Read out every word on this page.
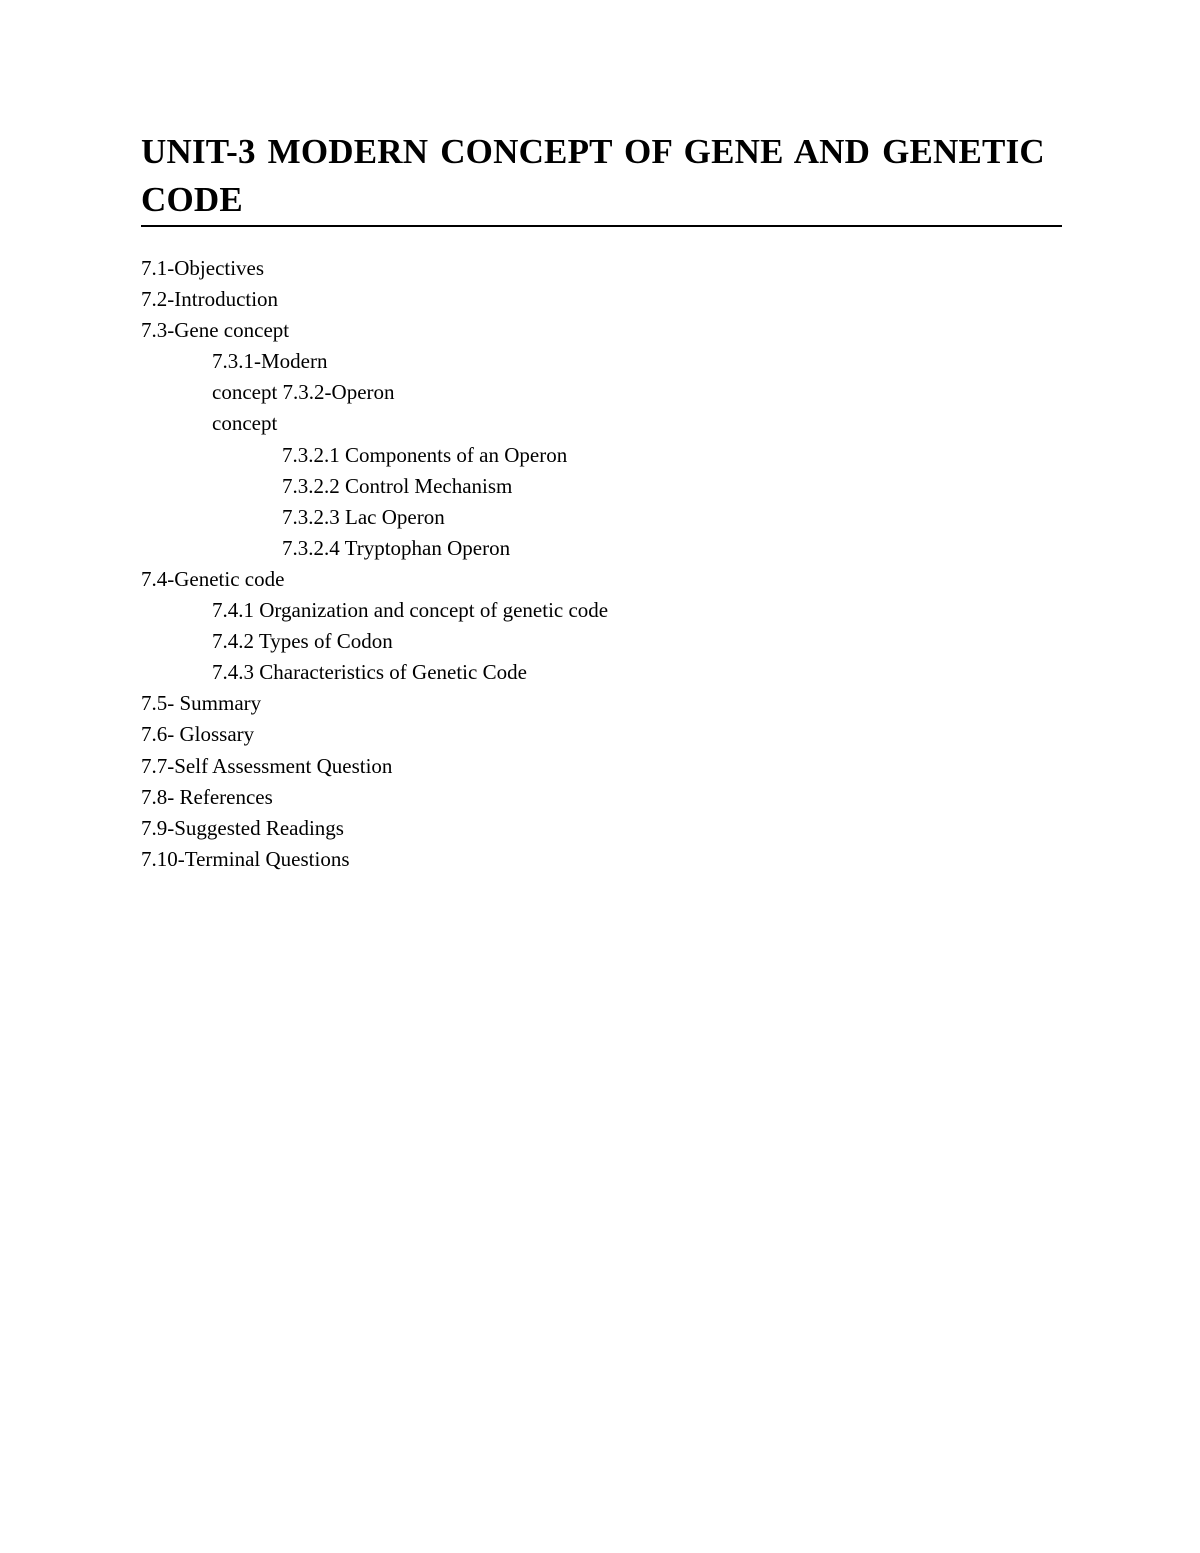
UNIT-3 MODERN CONCEPT OF GENE AND GENETIC CODE
7.1-Objectives
7.2-Introduction
7.3-Gene concept
7.3.1-Modern
concept 7.3.2-Operon
concept
7.3.2.1 Components of an Operon
7.3.2.2 Control Mechanism
7.3.2.3 Lac Operon
7.3.2.4 Tryptophan Operon
7.4-Genetic code
7.4.1 Organization and concept of genetic code
7.4.2 Types of Codon
7.4.3 Characteristics of Genetic Code
7.5- Summary
7.6- Glossary
7.7-Self Assessment Question
7.8- References
7.9-Suggested Readings
7.10-Terminal Questions
